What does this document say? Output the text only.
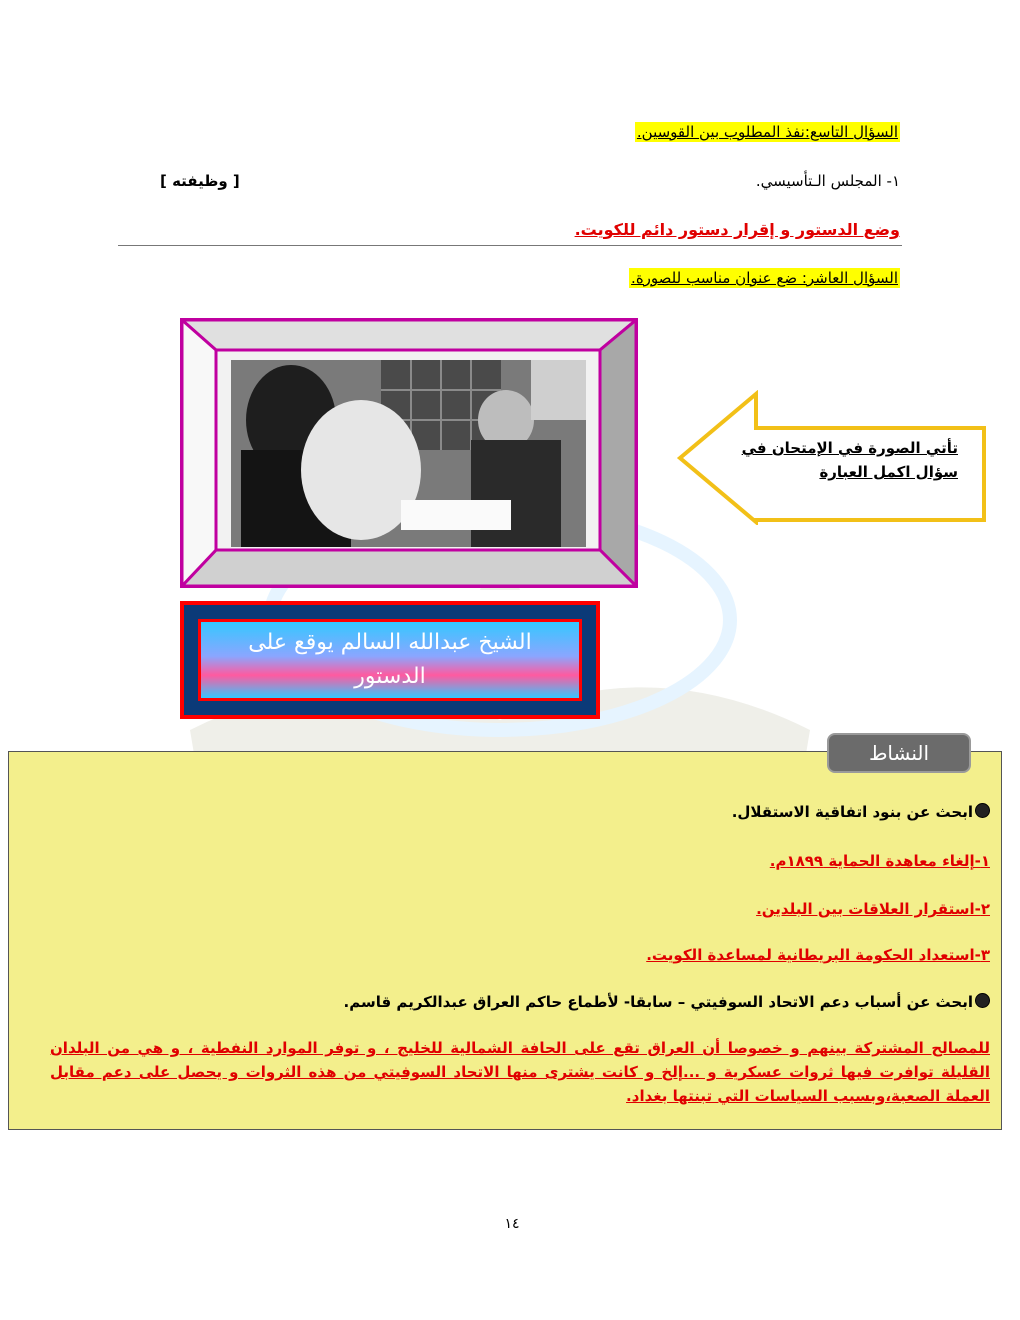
السؤال التاسع:نفذ المطلوب بين القوسين.
١- المجلس الـتأسيسي.
[ وظيفته ]
وضع الدستور و إقرار دستور دائم للكويت.
السؤال العاشر: ضع عنوان مناسب للصورة.
الشيخ عبدالله السالم يوقع على الدستور
تأتي الصورة في الإمتحان في سؤال اكمل العبارة
النشاط
ابحث عن بنود اتفاقية الاستقلال.
١-إلغاء معاهدة الحماية ١٨٩٩م.
٢-استقرار العلاقات بين البلدين.
٣-استعداد الحكومة البريطانية لمساعدة الكويت.
ابحث عن أسباب دعم الاتحاد السوفيتي – سابقا- لأطماع حاكم العراق عبدالكريم قاسم.
للمصالح المشتركة بينهم و خصوصا أن العراق تقع على الحافة الشمالية للخليج ، و توفر الموارد النفطية ، و هي من البلدان القليلة توافرت فيها ثروات عسكرية و ...إلخ و كانت يشترى منها الاتحاد السوفيتي من هذه الثروات و يحصل على دعم مقابل العملة الصعبة،وبسبب السياسات التي تبنتها بغداد.
١٤
